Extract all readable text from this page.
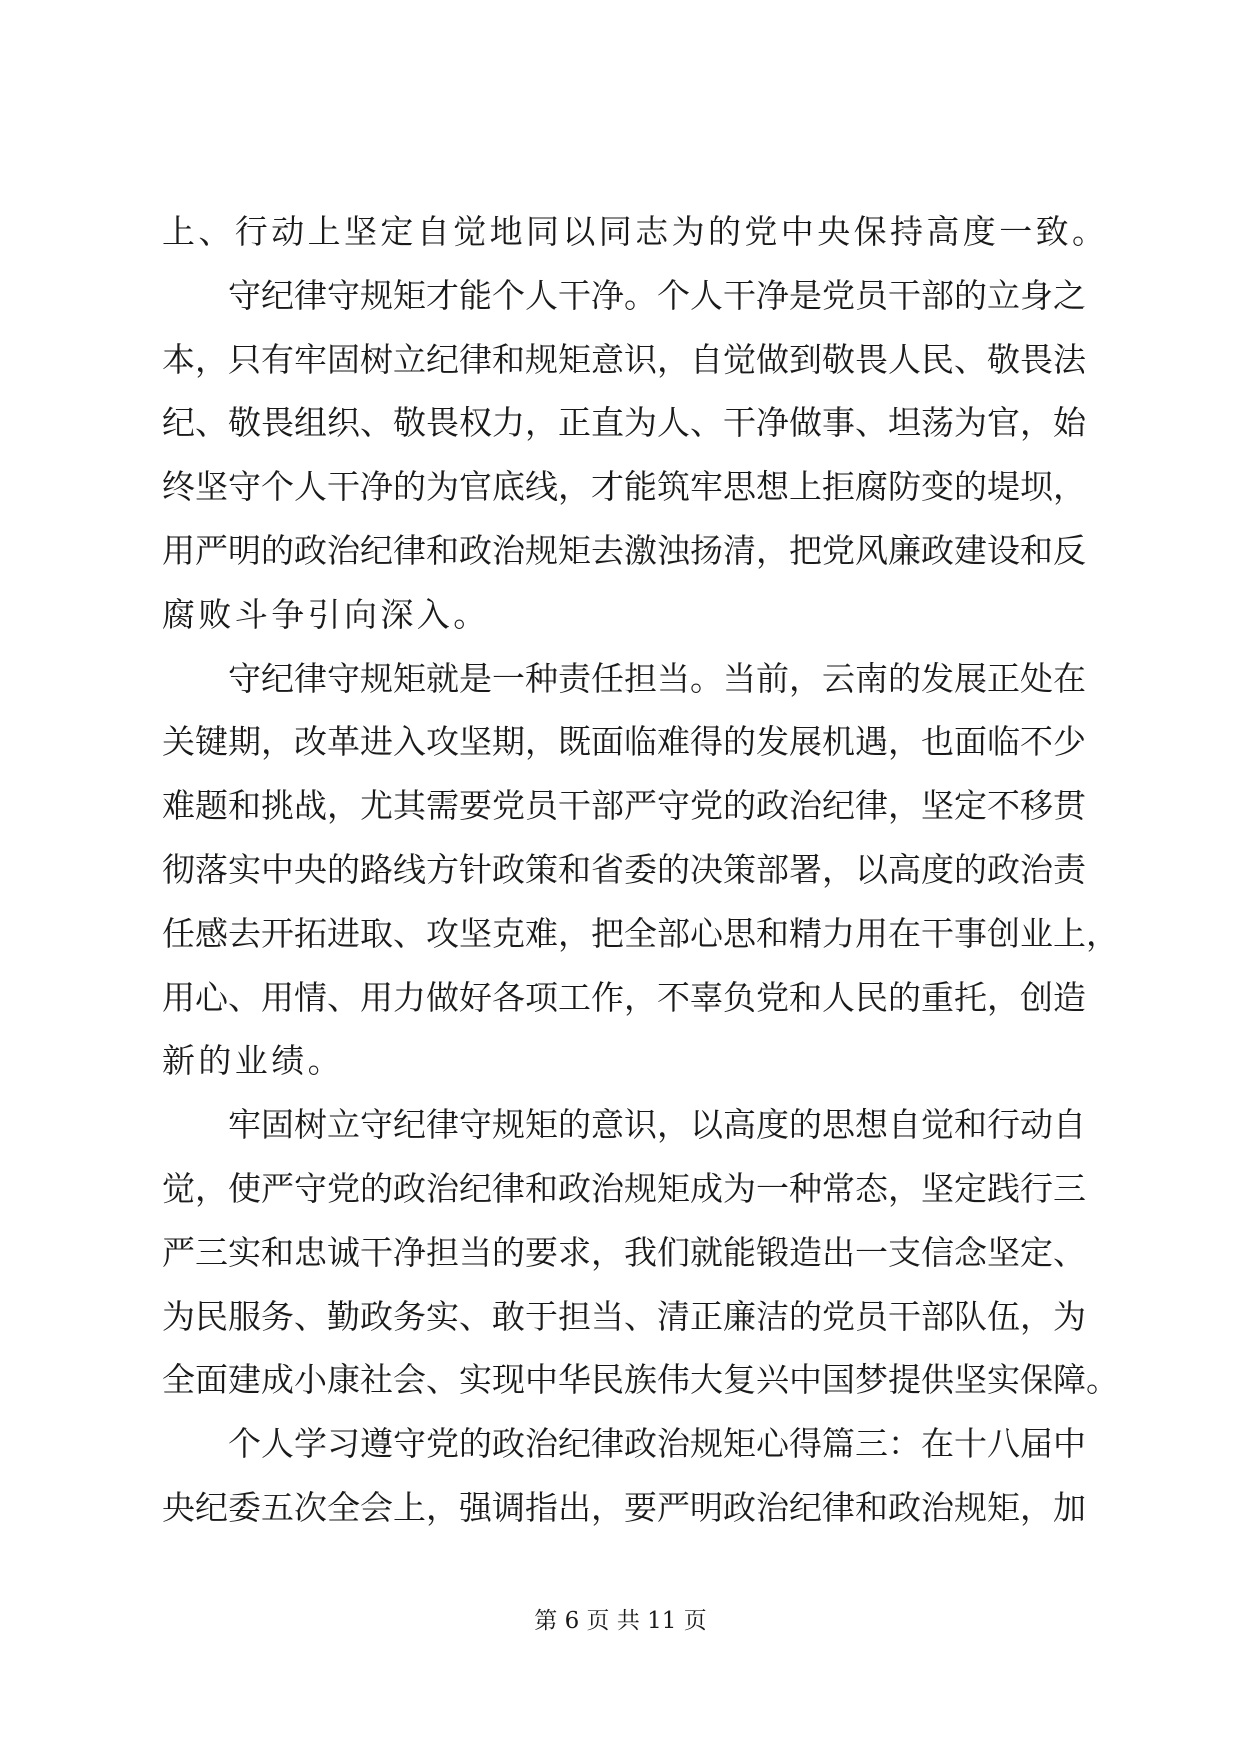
上、行动上坚定自觉地同以同志为的党中央保持高度一致。
守纪律守规矩才能个人干净。个人干净是党员干部的立身之
本，只有牢固树立纪律和规矩意识，自觉做到敬畏人民、敬畏法
纪、敬畏组织、敬畏权力，正直为人、干净做事、坦荡为官，始
终坚守个人干净的为官底线，才能筑牢思想上拒腐防变的堤坝，
用严明的政治纪律和政治规矩去激浊扬清，把党风廉政建设和反
腐败斗争引向深入。
守纪律守规矩就是一种责任担当。当前，云南的发展正处在
关键期，改革进入攻坚期，既面临难得的发展机遇，也面临不少
难题和挑战，尤其需要党员干部严守党的政治纪律，坚定不移贯
彻落实中央的路线方针政策和省委的决策部署，以高度的政治责
任感去开拓进取、攻坚克难，把全部心思和精力用在干事创业上，
用心、用情、用力做好各项工作，不辜负党和人民的重托，创造
新的业绩。
牢固树立守纪律守规矩的意识，以高度的思想自觉和行动自
觉，使严守党的政治纪律和政治规矩成为一种常态，坚定践行三
严三实和忠诚干净担当的要求，我们就能锻造出一支信念坚定、
为民服务、勤政务实、敢于担当、清正廉洁的党员干部队伍，为
全面建成小康社会、实现中华民族伟大复兴中国梦提供坚实保障。
个人学习遵守党的政治纪律政治规矩心得篇三：在十八届中
央纪委五次全会上，强调指出，要严明政治纪律和政治规矩，加
第 6 页 共 11 页
